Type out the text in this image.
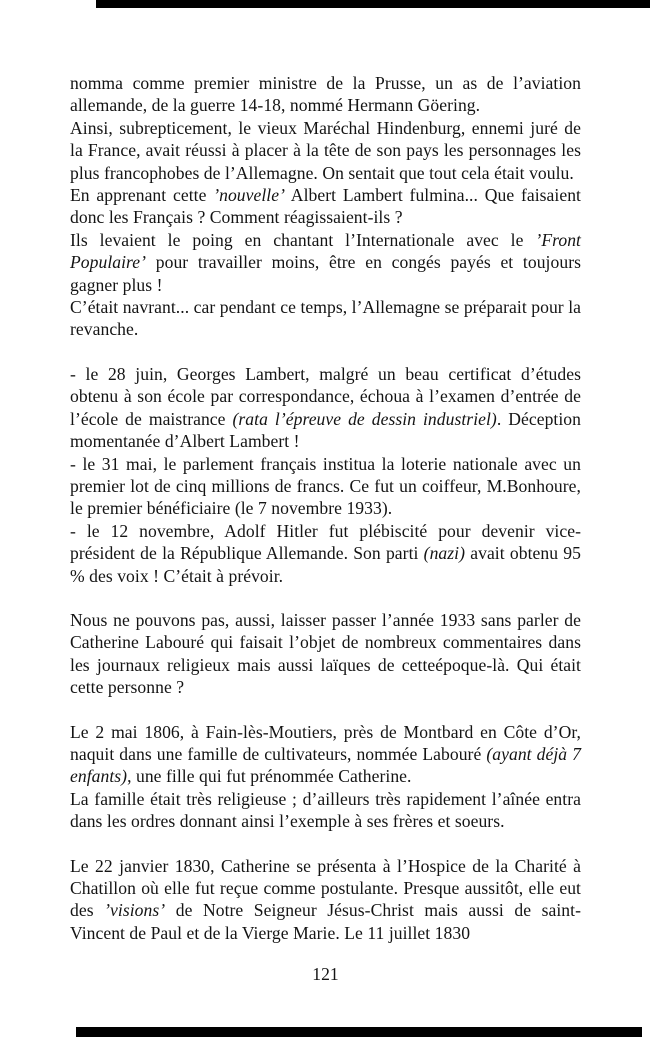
nomma comme premier ministre de la Prusse, un as de l’aviation allemande, de la guerre 14-18, nommé Hermann Göering.

Ainsi, subrepticement, le vieux Maréchal Hindenburg, ennemi juré de la France, avait réussi à placer à la tête de son pays les personnages les plus francophobes de l’Allemagne. On sentait que tout cela était voulu.

En apprenant cette ’nouvelle’ Albert Lambert fulmina... Que faisaient donc les Français ? Comment réagissaient-ils ?

Ils levaient le poing en chantant l’Internationale avec le ’Front Populaire’ pour travailler moins, être en congés payés et toujours gagner plus !

C’était navrant... car pendant ce temps, l’Allemagne se préparait pour la revanche.

- le 28 juin, Georges Lambert, malgré un beau certificat d’études obtenu à son école par correspondance, échoua à l’examen d’entrée de l’école de maistrance (rata l’épreuve de dessin industriel). Déception momentanée d’Albert Lambert !

- le 31 mai, le parlement français institua la loterie nationale avec un premier lot de cinq millions de francs. Ce fut un coiffeur, M.Bonhoure, le premier bénéficiaire (le 7 novembre 1933).

- le 12 novembre, Adolf Hitler fut plébiscité pour devenir vice-président de la République Allemande. Son parti (nazi) avait obtenu 95 % des voix ! C’était à prévoir.

Nous ne pouvons pas, aussi, laisser passer l’année 1933 sans parler de Catherine Labouré qui faisait l’objet de nombreux commentaires dans les journaux religieux mais aussi laïques de cetteépoque-là. Qui était cette personne ?

Le 2 mai 1806, à Fain-lès-Moutiers, près de Montbard en Côte d’Or, naquit dans une famille de cultivateurs, nommée Labouré (ayant déjà 7 enfants), une fille qui fut prénommée Catherine.

La famille était très religieuse ; d’ailleurs très rapidement l’aînée entra dans les ordres donnant ainsi l’exemple à ses frères et soeurs.

Le 22 janvier 1830, Catherine se présenta à l’Hospice de la Charité à Chatillon où elle fut reçue comme postulante. Presque aussitôt, elle eut des ’visions’ de Notre Seigneur Jésus-Christ mais aussi de saint-Vincent de Paul et de la Vierge Marie. Le 11 juillet 1830

121
